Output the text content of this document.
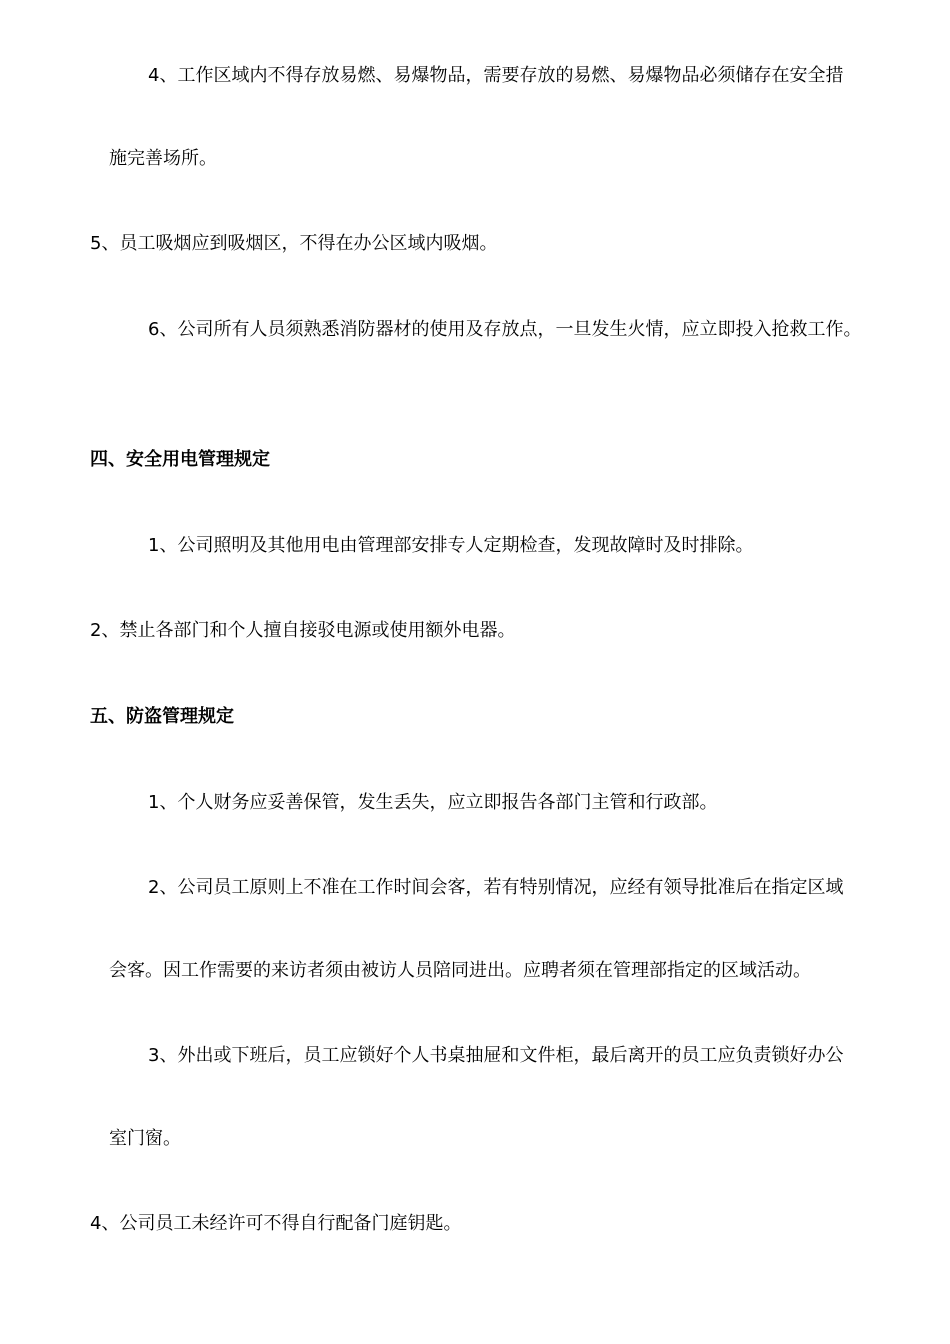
4、工作区域内不得存放易燃、易爆物品，需要存放的易燃、易爆物品必须储存在安全措
施完善场所。
5、员工吸烟应到吸烟区，不得在办公区域内吸烟。
6、公司所有人员须熟悉消防器材的使用及存放点，一旦发生火情，应立即投入抢救工作。
四、安全用电管理规定
1、公司照明及其他用电由管理部安排专人定期检查，发现故障时及时排除。
2、禁止各部门和个人擅自接驳电源或使用额外电器。
五、防盗管理规定
1、个人财务应妥善保管，发生丢失，应立即报告各部门主管和行政部。
2、公司员工原则上不准在工作时间会客，若有特别情况，应经有领导批准后在指定区域
会客。因工作需要的来访者须由被访人员陪同进出。应聘者须在管理部指定的区域活动。
3、外出或下班后，员工应锁好个人书桌抽屉和文件柜，最后离开的员工应负责锁好办公
室门窗。
4、公司员工未经许可不得自行配备门庭钥匙。
